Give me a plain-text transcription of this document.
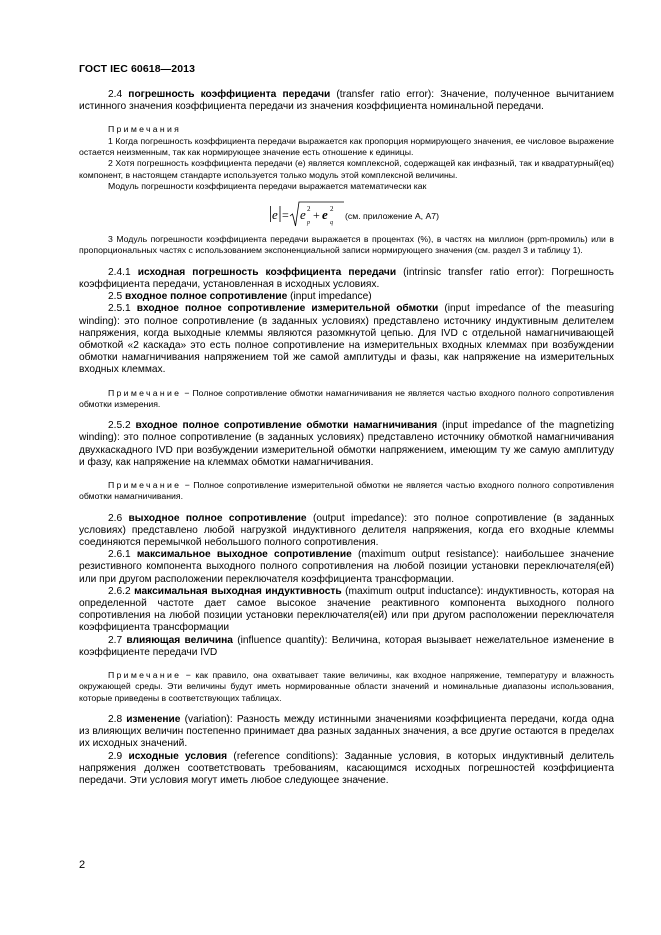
ГОСТ IEC 60618—2013

2.4 погрешность коэффициента передачи (transfer ratio error): Значение, полученное вычитанием истинного значения коэффициента передачи из значения коэффициента номинальной передачи.

Примечания

1 Когда погрешность коэффициента передачи выражается как пропорция нормирующего значения, ее числовое выражение остается неизменным, так как нормирующее значение есть отношение к единицы.

2 Хотя погрешность коэффициента передачи (e) является комплексной, содержащей как инфазный, так и квадратурный(eq) компонент, в настоящем стандарте используется только модуль этой комплексной величины.

Модуль погрешности коэффициента передачи выражается математически как

e = e 2
p
+ e 2
q
(см. приложение А, А7)

3 Модуль погрешности коэффициента передачи выражается в процентах (%), в частях на миллион (ppm-промиль) или в пропорциональных частях с использованием экспоненциальной записи нормирующего значения (см. раздел 3 и таблицу 1).

2.4.1 исходная погрешность коэффициента передачи (intrinsic transfer ratio error): Погрешность коэффициента передачи, установленная в исходных условиях.

2.5 входное полное сопротивление (input impedance)

2.5.1 входное полное сопротивление измерительной обмотки (input impedance of the measuring winding): это полное сопротивление (в заданных условиях) представлено источнику индуктивным делителем напряжения, когда выходные клеммы являются разомкнутой цепью. Для IVD с отдельной намагничивающей обмоткой «2 каскада» это есть полное сопротивление на измерительных входных клеммах при возбуждении обмотки намагничивания напряжением той же самой амплитуды и фазы, как напряжение на измерительных входных клеммах.

Примечание − Полное сопротивление обмотки намагничивания не является частью входного полного сопротивления обмотки измерения.

2.5.2 входное полное сопротивление обмотки намагничивания (input impedance of the magnetizing winding): это полное сопротивление (в заданных условиях) представлено источнику обмоткой намагничивания двухкаскадного IVD при возбуждении измерительной обмотки напряжением, имеющим ту же самую амплитуду и фазу, как напряжение на клеммах обмотки намагничивания.

Примечание − Полное сопротивление измерительной обмотки не является частью входного полного сопротивления обмотки намагничивания.

2.6 выходное полное сопротивление (output impedance): это полное сопротивление (в заданных условиях) представлено любой нагрузкой индуктивного делителя напряжения, когда его входные клеммы соединяются перемычкой небольшого полного сопротивления.

2.6.1 максимальное выходное сопротивление (maximum output resistance): наибольшее значение резистивного компонента выходного полного сопротивления на любой позиции установки переключателя(ей) или при другом расположении переключателя коэффициента трансформации.

2.6.2 максимальная выходная индуктивность (maximum output inductance): индуктивность, которая на определенной частоте дает самое высокое значение реактивного компонента выходного полного сопротивления на любой позиции установки переключателя(ей) или при другом расположении переключателя коэффициента трансформации

2.7 влияющая величина (influence quantity): Величина, которая вызывает нежелательное изменение в коэффициенте передачи IVD

Примечание − как правило, она охватывает такие величины, как входное напряжение, температуру и влажность окружающей среды. Эти величины будут иметь нормированные области значений и номинальные диапазоны использования, которые приведены в соответствующих таблицах.

2.8 изменение (variation): Разность между истинными значениями коэффициента передачи, когда одна из влияющих величин постепенно принимает два разных заданных значения, а все другие остаются в пределах их исходных значений.

2.9 исходные условия (reference conditions): Заданные условия, в которых индуктивный делитель напряжения должен соответствовать требованиям, касающимся исходных погрешностей коэффициента передачи. Эти условия могут иметь любое следующее значение.

2
